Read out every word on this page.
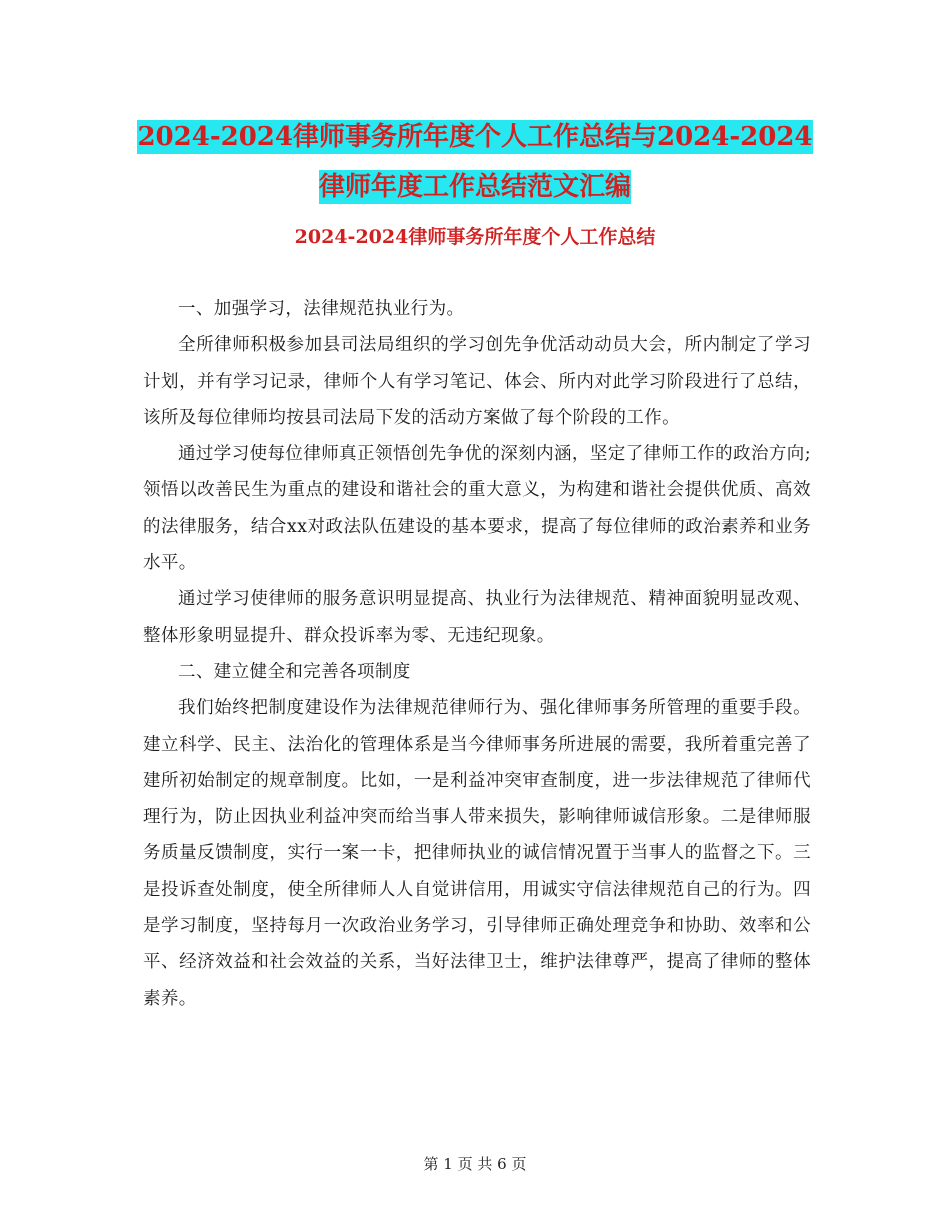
2024-2024律师事务所年度个人工作总结与2024-2024
律师年度工作总结范文汇编
2024-2024律师事务所年度个人工作总结

一、加强学习，法律规范执业行为。

全所律师积极参加县司法局组织的学习创先争优活动动员大会，所内制定了学习计划，并有学习记录，律师个人有学习笔记、体会、所内对此学习阶段进行了总结，该所及每位律师均按县司法局下发的活动方案做了每个阶段的工作。

通过学习使每位律师真正领悟创先争优的深刻内涵，坚定了律师工作的政治方向;领悟以改善民生为重点的建设和谐社会的重大意义，为构建和谐社会提供优质、高效的法律服务，结合xx对政法队伍建设的基本要求，提高了每位律师的政治素养和业务水平。

通过学习使律师的服务意识明显提高、执业行为法律规范、精神面貌明显改观、整体形象明显提升、群众投诉率为零、无违纪现象。

二、建立健全和完善各项制度

我们始终把制度建设作为法律规范律师行为、强化律师事务所管理的重要手段。建立科学、民主、法治化的管理体系是当今律师事务所进展的需要，我所着重完善了建所初始制定的规章制度。比如，一是利益冲突审查制度，进一步法律规范了律师代理行为，防止因执业利益冲突而给当事人带来损失，影响律师诚信形象。二是律师服务质量反馈制度，实行一案一卡，把律师执业的诚信情况置于当事人的监督之下。三是投诉查处制度，使全所律师人人自觉讲信用，用诚实守信法律规范自己的行为。四是学习制度，坚持每月一次政治业务学习，引导律师正确处理竞争和协助、效率和公平、经济效益和社会效益的关系，当好法律卫士，维护法律尊严，提高了律师的整体素养。

第 1 页 共 6 页
